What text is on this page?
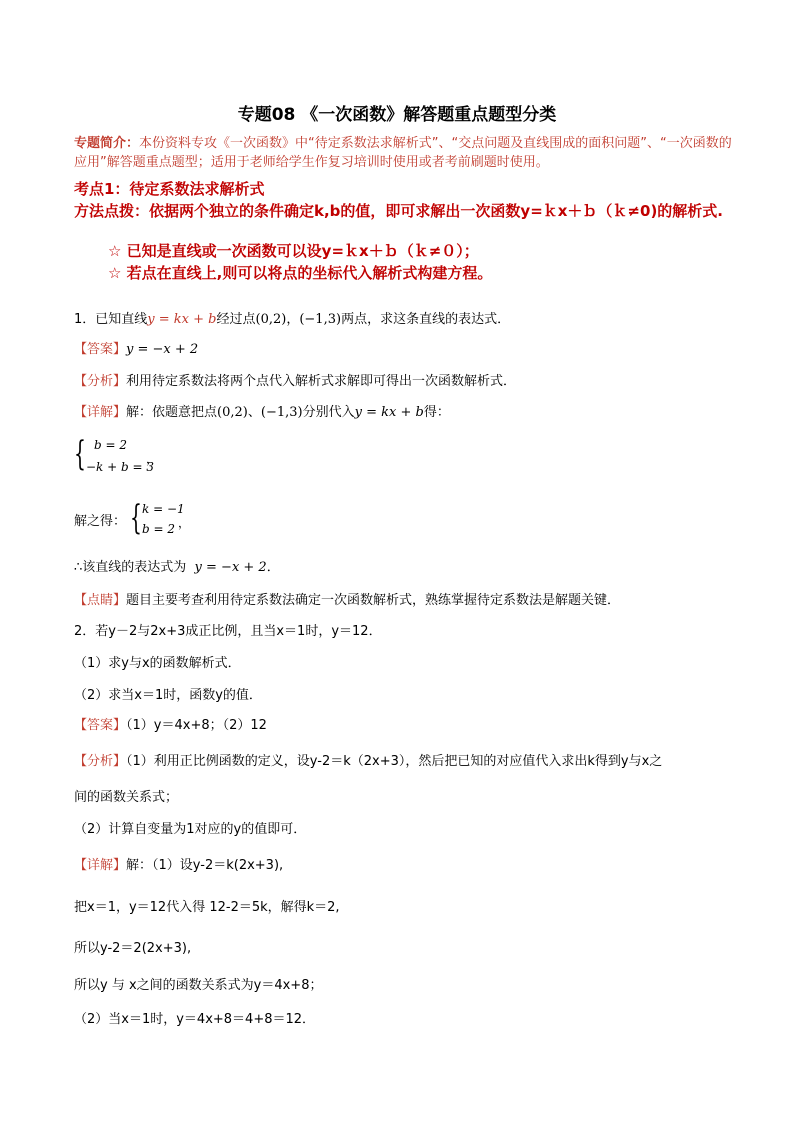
专题08 《一次函数》解答题重点题型分类
专题简介：本份资料专攻《一次函数》中“待定系数法求解析式”、“交点问题及直线围成的面积问题”、“一次函数的应用”解答题重点题型；适用于老师给学生作复习培训时使用或者考前刷题时使用。
考点1：待定系数法求解析式
方法点拨：依据两个独立的条件确定k,b的值，即可求解出一次函数y=ｋx＋ｂ（ｋ≠0)的解析式.
☆ 已知是直线或一次函数可以设y=ｋx＋ｂ（ｋ≠０）；
☆ 若点在直线上,则可以将点的坐标代入解析式构建方程。
1．已知直线y = kx + b经过点(0,2)，(−1,3)两点，求这条直线的表达式．
【答案】y = −x + 2
【分析】利用待定系数法将两个点代入解析式求解即可得出一次函数解析式．
【详解】解：依题意把点(0,2)、(−1,3)分别代入y = kx + b得：
{ b = 2
−k + b = 3
，
解之得： { k = −1
b = 2 ，
∴该直线的表达式为 y = −x + 2．
【点睛】题目主要考查利用待定系数法确定一次函数解析式，熟练掌握待定系数法是解题关键．
2．若y－2与2x+3成正比例，且当x＝1时，y＝12．
（1）求y与x的函数解析式．
（2）求当x＝1时，函数y的值．
【答案】（1）y＝4x+8；（2）12
【分析】（1）利用正比例函数的定义，设y-2＝k（2x+3），然后把已知的对应值代入求出k得到y与x之
间的函数关系式；
（2）计算自变量为1对应的y的值即可．
【详解】解：（1）设y-2＝k(2x+3),
把x＝1，y＝12代入得 12-2＝5k，解得k＝2,
所以y-2＝2(2x+3),
所以y 与 x之间的函数关系式为y＝4x+8；
（2）当x＝1时，y＝4x+8＝4+8＝12．
